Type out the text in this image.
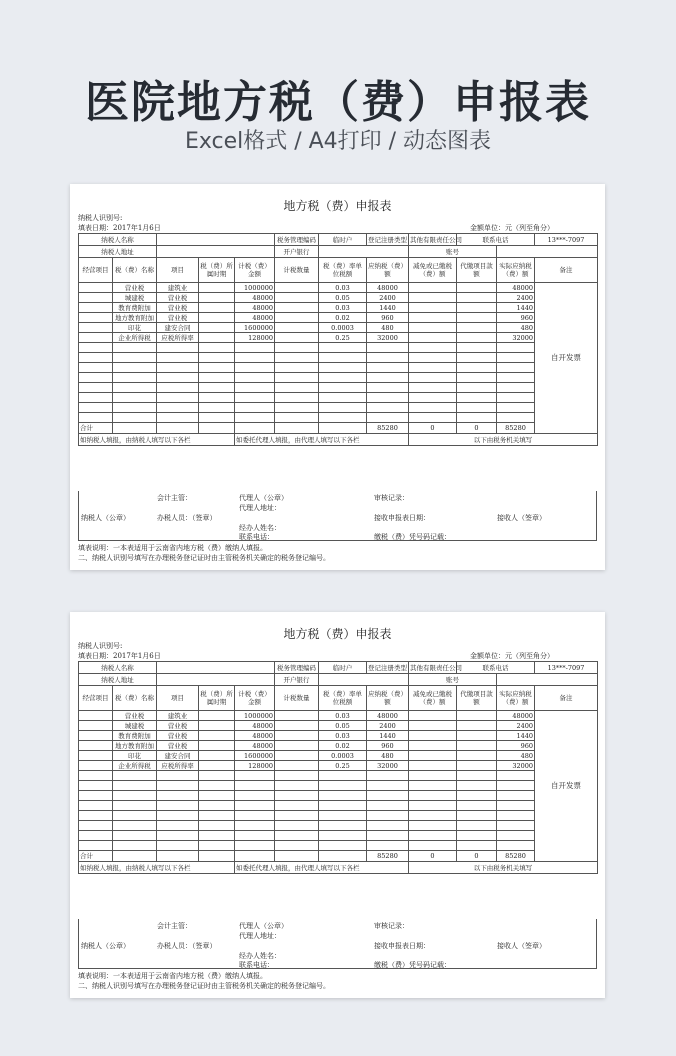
医院地方税（费）申报表
Excel格式 / A4打印 / 动态图表
地方税（费）申报表
纳税人识别号:
填表日期：2017年1月6日	金额单位：元（列至角分）
纳税人名称					税务管理编码	临时户	登记注册类型	其他有限责任公司	联系电话		13***-7097
纳税人地址					开户银行			账号			
经营项目	税（费）名称	项目	税（费）所属时期	计税（费）金额	计税数量	税（费）率单位税额	应纳税（费）额	减免或已缴税（费）额	代缴项目款额	实际应纳税（费）额	备注
	营业税	建筑业		1000000		0.03	48000			48000	自开发票
	城建税	营业税		48000		0.05	2400			2400	
	教育费附加	营业税		48000		0.03	1440			1440	
	地方教育附加	营业税		48000		0.02	960			960	
	印花	建安合同		1600000		0.0003	480			480	
	企业所得税	应税所得率		128000		0.25	32000			32000	

合计							85280	0	0	85280	
如纳税人填报，由纳税人填写以下各栏				如委托代理人填报，由代理人填写以下各栏				以下由税务机关填写			
会计主管：	代理人（公章）
代理人地址：
审核记录：
纳税人（公章）	办税人员：（签章）
经办人姓名：
联系电话：
接收申报表日期：	接收人（签章）
缴税（费）凭号码记载：
填表说明：一本表适用于云南省内地方税（费）缴纳人填报。
二、纳税人识别号填写在办理税务登记证时由主管税务机关确定的税务登记编号。
地方税（费）申报表
纳税人识别号:
填表日期：2017年1月6日	金额单位：元（列至角分）
纳税人名称					税务管理编码	临时户	登记注册类型	其他有限责任公司	联系电话		13***-7097
纳税人地址					开户银行			账号			
经营项目	税（费）名称	项目	税（费）所属时期	计税（费）金额	计税数量	税（费）率单位税额	应纳税（费）额	减免或已缴税（费）额	代缴项目款额	实际应纳税（费）额	备注
	营业税	建筑业		1000000		0.03	48000			48000	自开发票
	城建税	营业税		48000		0.05	2400			2400	
	教育费附加	营业税		48000		0.03	1440			1440	
	地方教育附加	营业税		48000		0.02	960			960	
	印花	建安合同		1600000		0.0003	480			480	
	企业所得税	应税所得率		128000		0.25	32000			32000	

合计							85280	0	0	85280	
如纳税人填报，由纳税人填写以下各栏				如委托代理人填报，由代理人填写以下各栏				以下由税务机关填写			
会计主管：	代理人（公章）
代理人地址：
审核记录：
纳税人（公章）	办税人员：（签章）
经办人姓名：
联系电话：
接收申报表日期：	接收人（签章）
缴税（费）凭号码记载：
填表说明：一本表适用于云南省内地方税（费）缴纳人填报。
二、纳税人识别号填写在办理税务登记证时由主管税务机关确定的税务登记编号。
